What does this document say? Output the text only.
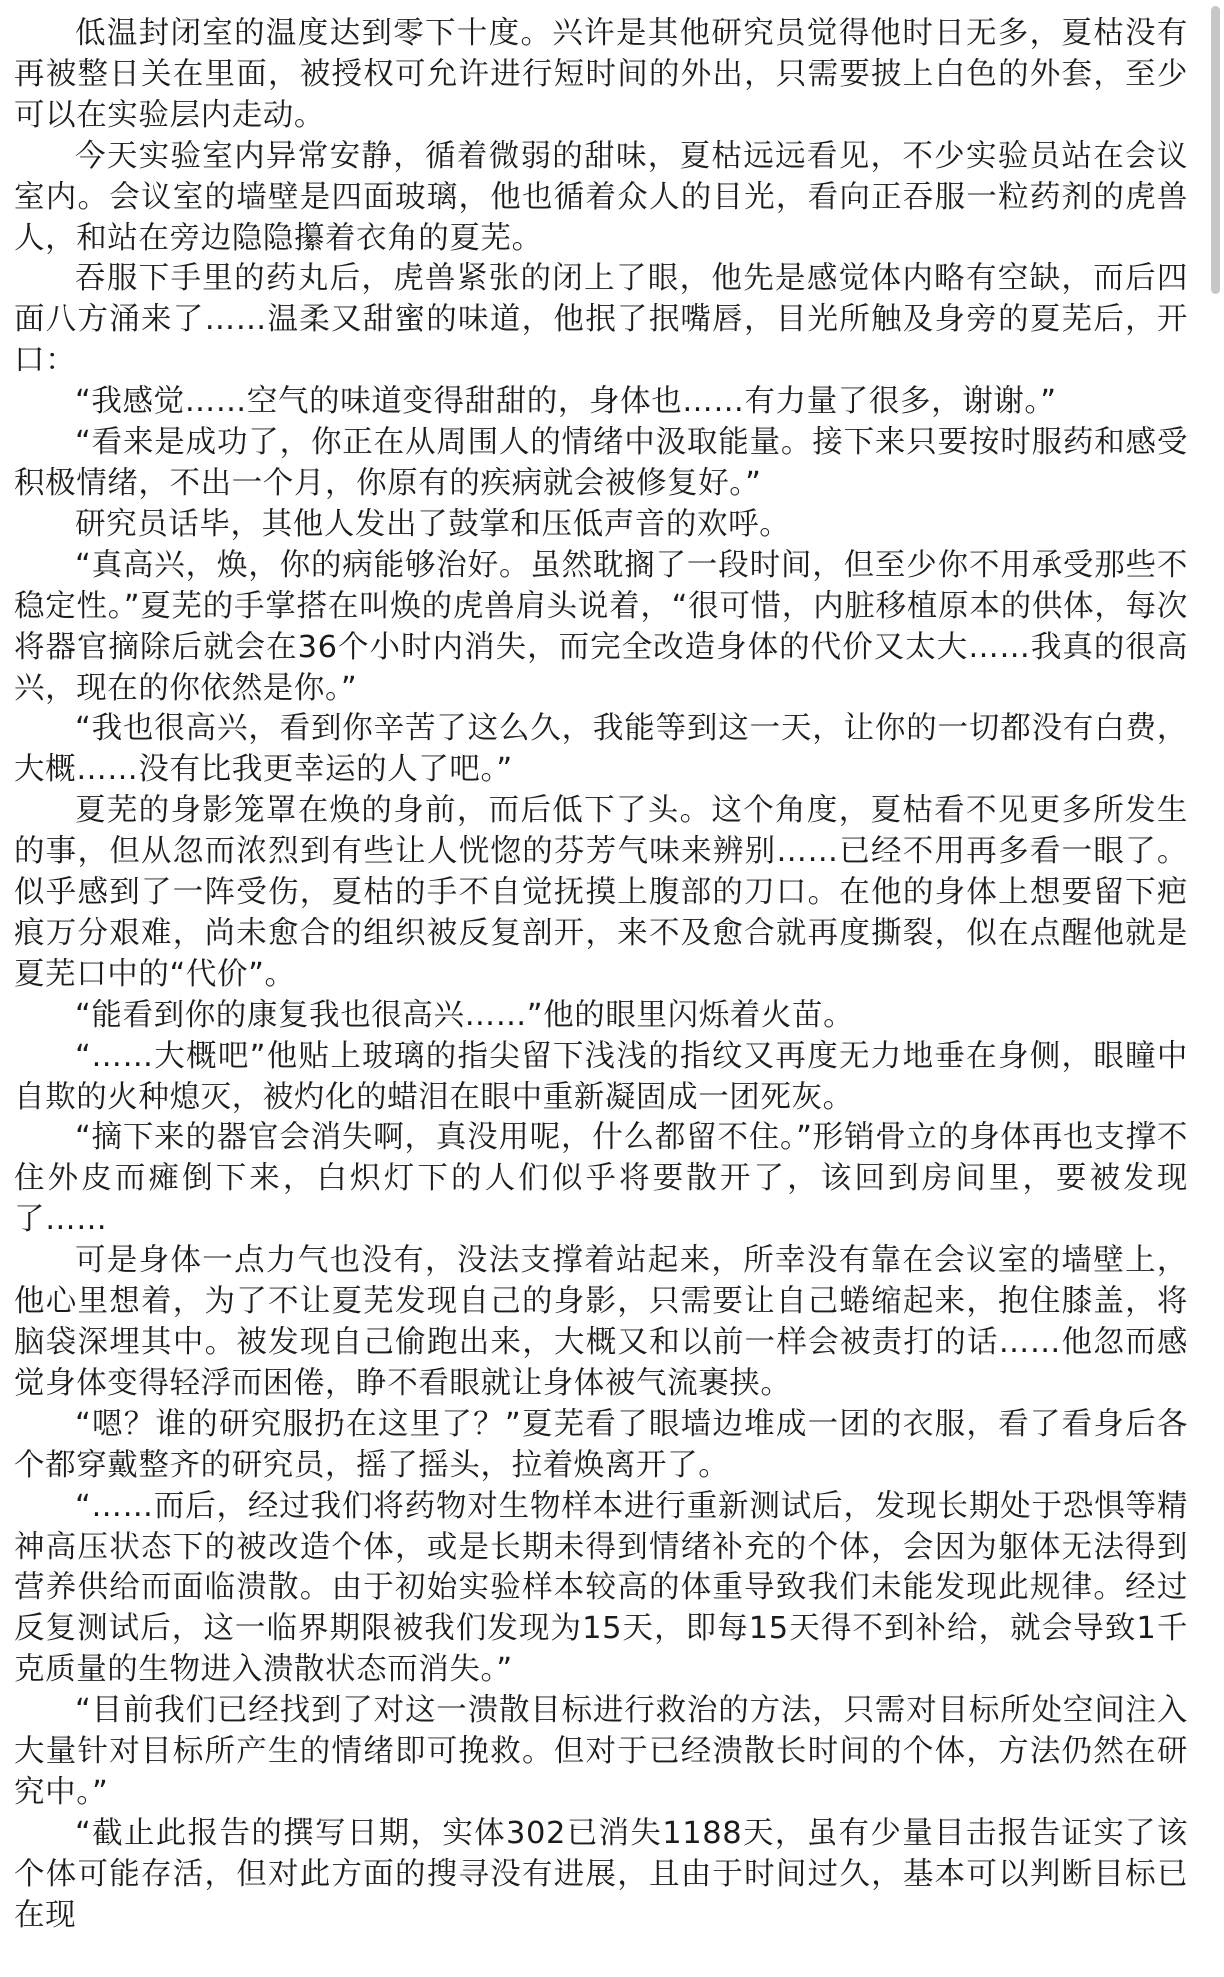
低温封闭室的温度达到零下十度。兴许是其他研究员觉得他时日无多，夏枯没有再被整日关在里面，被授权可允许进行短时间的外出，只需要披上白色的外套，至少可以在实验层内走动。

今天实验室内异常安静，循着微弱的甜味，夏枯远远看见，不少实验员站在会议室内。会议室的墙壁是四面玻璃，他也循着众人的目光，看向正吞服一粒药剂的虎兽人，和站在旁边隐隐攥着衣角的夏芜。

吞服下手里的药丸后，虎兽紧张的闭上了眼，他先是感觉体内略有空缺，而后四面八方涌来了……温柔又甜蜜的味道，他抿了抿嘴唇，目光所触及身旁的夏芜后，开口：

“我感觉……空气的味道变得甜甜的，身体也……有力量了很多，谢谢。”

“看来是成功了，你正在从周围人的情绪中汲取能量。接下来只要按时服药和感受积极情绪，不出一个月，你原有的疾病就会被修复好。”

研究员话毕，其他人发出了鼓掌和压低声音的欢呼。

“真高兴，焕，你的病能够治好。虽然耽搁了一段时间，但至少你不用承受那些不稳定性。”夏芜的手掌搭在叫焕的虎兽肩头说着，“很可惜，内脏移植原本的供体，每次将器官摘除后就会在36个小时内消失，而完全改造身体的代价又太大……我真的很高兴，现在的你依然是你。”

“我也很高兴，看到你辛苦了这么久，我能等到这一天，让你的一切都没有白费，大概……没有比我更幸运的人了吧。”

夏芜的身影笼罩在焕的身前，而后低下了头。这个角度，夏枯看不见更多所发生的事，但从忽而浓烈到有些让人恍惚的芬芳气味来辨别……已经不用再多看一眼了。似乎感到了一阵受伤，夏枯的手不自觉抚摸上腹部的刀口。在他的身体上想要留下疤痕万分艰难，尚未愈合的组织被反复剖开，来不及愈合就再度撕裂，似在点醒他就是夏芜口中的“代价”。

“能看到你的康复我也很高兴……”他的眼里闪烁着火苗。

“……大概吧”他贴上玻璃的指尖留下浅浅的指纹又再度无力地垂在身侧，眼瞳中自欺的火种熄灭，被灼化的蜡泪在眼中重新凝固成一团死灰。

“摘下来的器官会消失啊，真没用呢，什么都留不住。”形销骨立的身体再也支撑不住外皮而瘫倒下来，白炽灯下的人们似乎将要散开了，该回到房间里，要被发现了……

可是身体一点力气也没有，没法支撑着站起来，所幸没有靠在会议室的墙壁上，他心里想着，为了不让夏芜发现自己的身影，只需要让自己蜷缩起来，抱住膝盖，将脑袋深埋其中。被发现自己偷跑出来，大概又和以前一样会被责打的话……他忽而感觉身体变得轻浮而困倦，睁不看眼就让身体被气流裹挟。

“嗯？谁的研究服扔在这里了？”夏芜看了眼墙边堆成一团的衣服，看了看身后各个都穿戴整齐的研究员，摇了摇头，拉着焕离开了。

“……而后，经过我们将药物对生物样本进行重新测试后，发现长期处于恐惧等精神高压状态下的被改造个体，或是长期未得到情绪补充的个体，会因为躯体无法得到营养供给而面临溃散。由于初始实验样本较高的体重导致我们未能发现此规律。经过反复测试后，这一临界期限被我们发现为15天，即每15天得不到补给，就会导致1千克质量的生物进入溃散状态而消失。”

“目前我们已经找到了对这一溃散目标进行救治的方法，只需对目标所处空间注入大量针对目标所产生的情绪即可挽救。但对于已经溃散长时间的个体，方法仍然在研究中。”

“截止此报告的撰写日期，实体302已消失1188天，虽有少量目击报告证实了该个体可能存活，但对此方面的搜寻没有进展，且由于时间过久，基本可以判断目标已在现
